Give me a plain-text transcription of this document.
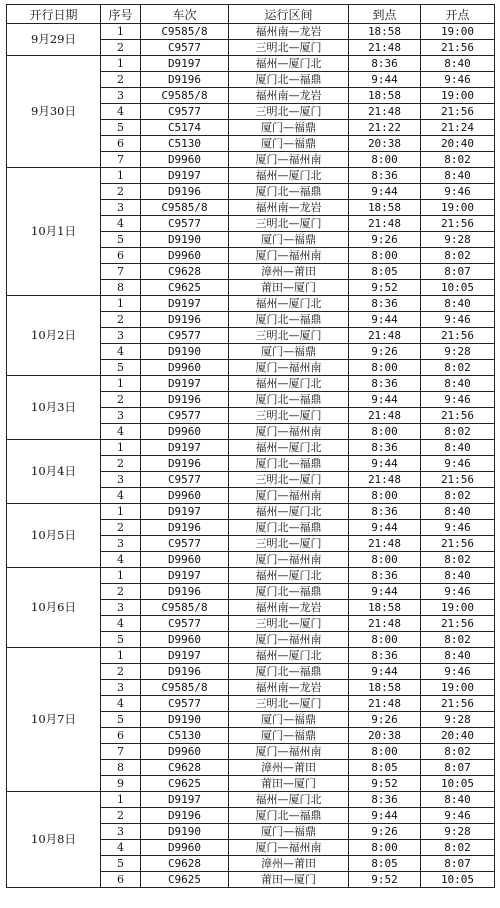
开行日期	序号	车次	运行区间	到点	开点
9月29日	1	C9585/8	福州南—龙岩	18:58	19:00
	2	C9577	三明北—厦门	21:48	21:56
9月30日	1	D9197	福州—厦门北	8:36	8:40
	2	D9196	厦门北—福鼎	9:44	9:46
	3	C9585/8	福州南—龙岩	18:58	19:00
	4	C9577	三明北—厦门	21:48	21:56
	5	C5174	厦门—福鼎	21:22	21:24
	6	C5130	厦门—福鼎	20:38	20:40
	7	D9960	厦门—福州南	8:00	8:02
10月1日	1	D9197	福州—厦门北	8:36	8:40
	2	D9196	厦门北—福鼎	9:44	9:46
	3	C9585/8	福州南—龙岩	18:58	19:00
	4	C9577	三明北—厦门	21:48	21:56
	5	D9190	厦门—福鼎	9:26	9:28
	6	D9960	厦门—福州南	8:00	8:02
	7	C9628	漳州—莆田	8:05	8:07
	8	C9625	莆田—厦门	9:52	10:05
10月2日	1	D9197	福州—厦门北	8:36	8:40
	2	D9196	厦门北—福鼎	9:44	9:46
	3	C9577	三明北—厦门	21:48	21:56
	4	D9190	厦门—福鼎	9:26	9:28
	5	D9960	厦门—福州南	8:00	8:02
10月3日	1	D9197	福州—厦门北	8:36	8:40
	2	D9196	厦门北—福鼎	9:44	9:46
	3	C9577	三明北—厦门	21:48	21:56
	4	D9960	厦门—福州南	8:00	8:02
10月4日	1	D9197	福州—厦门北	8:36	8:40
	2	D9196	厦门北—福鼎	9:44	9:46
	3	C9577	三明北—厦门	21:48	21:56
	4	D9960	厦门—福州南	8:00	8:02
10月5日	1	D9197	福州—厦门北	8:36	8:40
	2	D9196	厦门北—福鼎	9:44	9:46
	3	C9577	三明北—厦门	21:48	21:56
	4	D9960	厦门—福州南	8:00	8:02
10月6日	1	D9197	福州—厦门北	8:36	8:40
	2	D9196	厦门北—福鼎	9:44	9:46
	3	C9585/8	福州南—龙岩	18:58	19:00
	4	C9577	三明北—厦门	21:48	21:56
	5	D9960	厦门—福州南	8:00	8:02
10月7日	1	D9197	福州—厦门北	8:36	8:40
	2	D9196	厦门北—福鼎	9:44	9:46
	3	C9585/8	福州南—龙岩	18:58	19:00
	4	C9577	三明北—厦门	21:48	21:56
	5	D9190	厦门—福鼎	9:26	9:28
	6	C5130	厦门—福鼎	20:38	20:40
	7	D9960	厦门—福州南	8:00	8:02
	8	C9628	漳州—莆田	8:05	8:07
	9	C9625	莆田—厦门	9:52	10:05
10月8日	1	D9197	福州—厦门北	8:36	8:40
	2	D9196	厦门北—福鼎	9:44	9:46
	3	D9190	厦门—福鼎	9:26	9:28
	4	D9960	厦门—福州南	8:00	8:02
	5	C9628	漳州—莆田	8:05	8:07
	6	C9625	莆田—厦门	9:52	10:05
